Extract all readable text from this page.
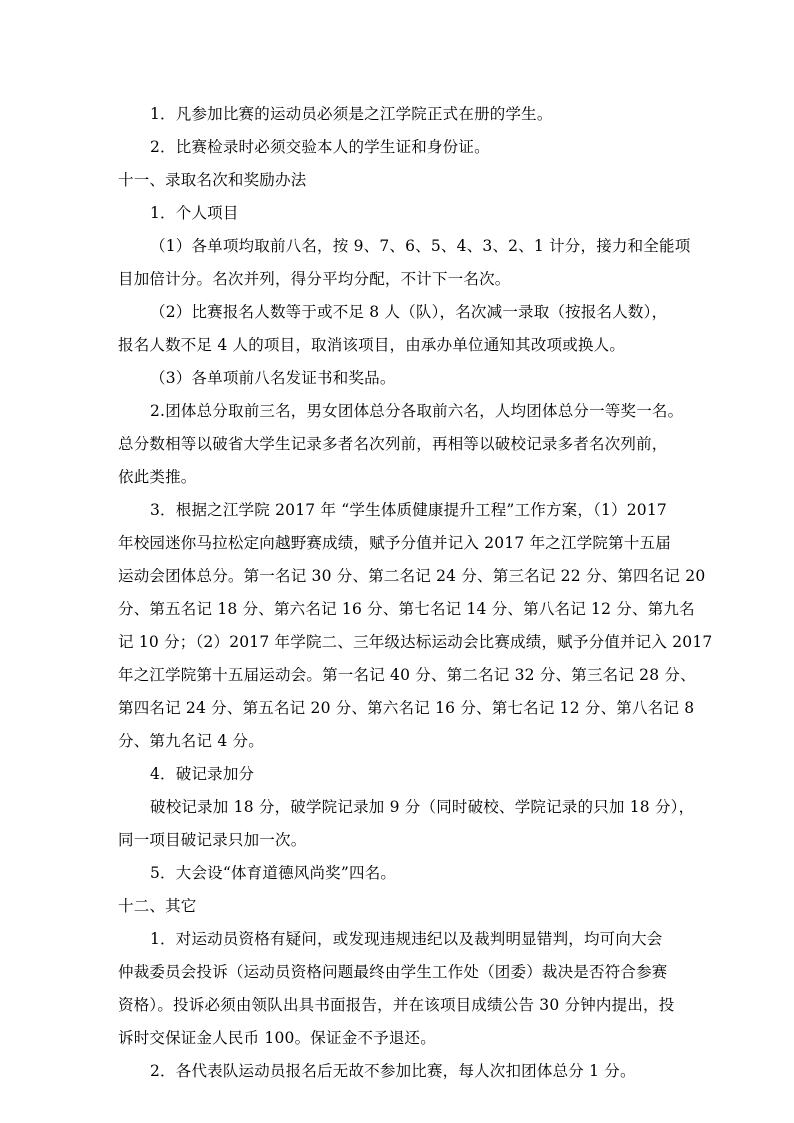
1．凡参加比赛的运动员必须是之江学院正式在册的学生。
2．比赛检录时必须交验本人的学生证和身份证。
十一、录取名次和奖励办法
1．个人项目
（1）各单项均取前八名，按 9、7、6、5、4、3、2、1 计分，接力和全能项
目加倍计分。名次并列，得分平均分配，不计下一名次。
（2）比赛报名人数等于或不足 8 人（队），名次减一录取（按报名人数），
报名人数不足 4 人的项目，取消该项目，由承办单位通知其改项或换人。
（3）各单项前八名发证书和奖品。
2.团体总分取前三名，男女团体总分各取前六名，人均团体总分一等奖一名。
总分数相等以破省大学生记录多者名次列前，再相等以破校记录多者名次列前，
依此类推。
3．根据之江学院 2017 年 “学生体质健康提升工程”工作方案，（1）2017
年校园迷你马拉松定向越野赛成绩，赋予分值并记入 2017 年之江学院第十五届
运动会团体总分。第一名记 30 分、第二名记 24 分、第三名记 22 分、第四名记 20
分、第五名记 18 分、第六名记 16 分、第七名记 14 分、第八名记 12 分、第九名
记 10 分；（2）2017 年学院二、三年级达标运动会比赛成绩，赋予分值并记入 2017
年之江学院第十五届运动会。第一名记 40 分、第二名记 32 分、第三名记 28 分、
第四名记 24 分、第五名记 20 分、第六名记 16 分、第七名记 12 分、第八名记 8
分、第九名记 4 分。
4．破记录加分
破校记录加 18 分，破学院记录加 9 分（同时破校、学院记录的只加 18 分），
同一项目破记录只加一次。
5．大会设“体育道德风尚奖”四名。
十二、其它
1．对运动员资格有疑问，或发现违规违纪以及裁判明显错判，均可向大会
仲裁委员会投诉（运动员资格问题最终由学生工作处（团委）裁决是否符合参赛
资格）。投诉必须由领队出具书面报告，并在该项目成绩公告 30 分钟内提出，投
诉时交保证金人民币 100。保证金不予退还。
2．各代表队运动员报名后无故不参加比赛，每人次扣团体总分 1 分。
